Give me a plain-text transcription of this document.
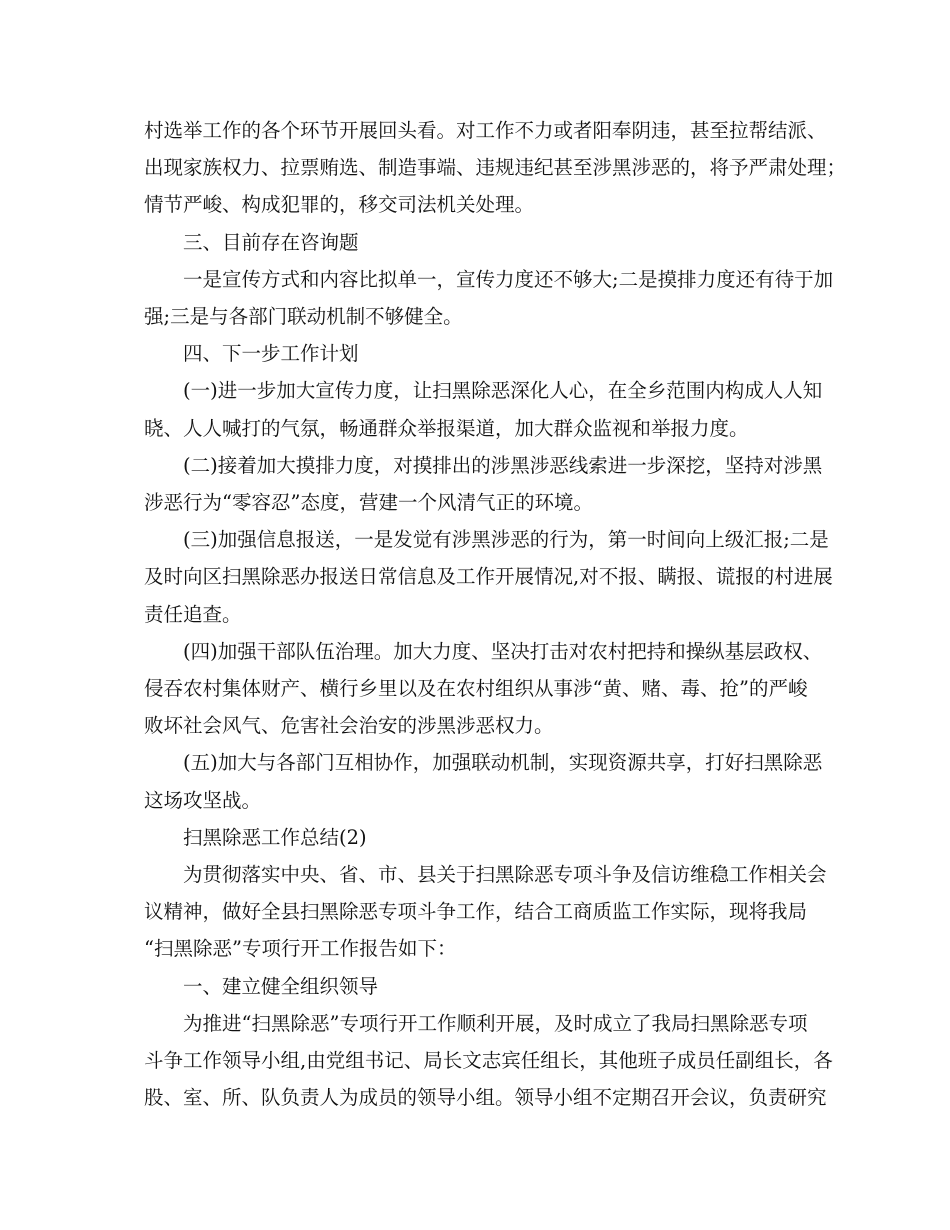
村选举工作的各个环节开展回头看。对工作不力或者阳奉阴违，甚至拉帮结派、

出现家族权力、拉票贿选、制造事端、违规违纪甚至涉黑涉恶的，将予严肃处理；

情节严峻、构成犯罪的，移交司法机关处理。

三、目前存在咨询题

一是宣传方式和内容比拟单一，宣传力度还不够大;二是摸排力度还有待于加

强;三是与各部门联动机制不够健全。

四、下一步工作计划

(一)进一步加大宣传力度，让扫黑除恶深化人心，在全乡范围内构成人人知

晓、人人喊打的气氛，畅通群众举报渠道，加大群众监视和举报力度。

(二)接着加大摸排力度，对摸排出的涉黑涉恶线索进一步深挖，坚持对涉黑

涉恶行为“零容忍”态度，营建一个风清气正的环境。

(三)加强信息报送，一是发觉有涉黑涉恶的行为，第一时间向上级汇报;二是

及时向区扫黑除恶办报送日常信息及工作开展情况,对不报、瞒报、谎报的村进展

责任追查。

(四)加强干部队伍治理。加大力度、坚决打击对农村把持和操纵基层政权、

侵吞农村集体财产、横行乡里以及在农村组织从事涉“黄、赌、毒、抢”的严峻

败坏社会风气、危害社会治安的涉黑涉恶权力。

(五)加大与各部门互相协作，加强联动机制，实现资源共享，打好扫黑除恶

这场攻坚战。

扫黑除恶工作总结(2)

为贯彻落实中央、省、市、县关于扫黑除恶专项斗争及信访维稳工作相关会

议精神，做好全县扫黑除恶专项斗争工作，结合工商质监工作实际，现将我局

“扫黑除恶”专项行开工作报告如下：

一、建立健全组织领导

为推进“扫黑除恶”专项行开工作顺利开展，及时成立了我局扫黑除恶专项

斗争工作领导小组,由党组书记、局长文志宾任组长，其他班子成员任副组长，各

股、室、所、队负责人为成员的领导小组。领导小组不定期召开会议，负责研究
